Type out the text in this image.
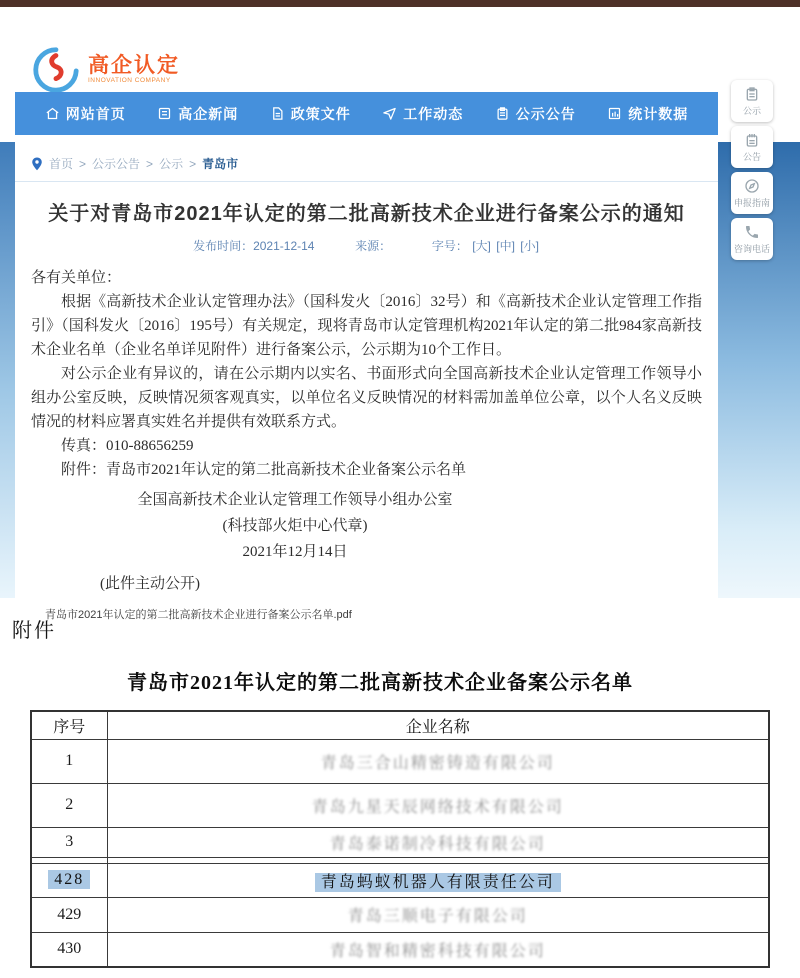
2022年2月8日 星期二	返回火炬中心首页 | 设为首页 | 加入收藏
高企认定
INNOVATION COMPANY	高新技术企业认定管理工作网
网站首页	高企新闻	政策文件	工作动态	公示公告	统计数据	公示
公告
申报指南
咨询电话
首页 > 公示公告 > 公示 > 青岛市
关于对青岛市2021年认定的第二批高新技术企业进行备案公示的通知
发布时间：2021-12-14	来源：	字号： [大] [中] [小]

各有关单位：

根据《高新技术企业认定管理办法》（国科发火〔2016〕32号）和《高新技术企业认定管理工作指引》（国科发火〔2016〕195号）有关规定，现将青岛市认定管理机构2021年认定的第二批984家高新技术企业名单（企业名单详见附件）进行备案公示，公示期为10个工作日。

对公示企业有异议的，请在公示期内以实名、书面形式向全国高新技术企业认定管理工作领导小组办公室反映，反映情况须客观真实，以单位名义反映情况的材料需加盖单位公章，以个人名义反映情况的材料应署真实姓名并提供有效联系方式。

传真：010-88656259

附件：青岛市2021年认定的第二批高新技术企业备案公示名单

全国高新技术企业认定管理工作领导小组办公室
(科技部火炬中心代章)
2021年12月14日
(此件主动公开)
青岛市2021年认定的第二批高新技术企业进行备案公示名单.pdf
附件
青岛市2021年认定的第二批高新技术企业备案公示名单
序号	企业名称
1	青岛三合山精密铸造有限公司
2	青岛九星天辰网络技术有限公司
3	青岛泰诺制冷科技有限公司

428	青岛蚂蚁机器人有限责任公司
429	青岛三顺电子有限公司
430	青岛智和精密科技有限公司
